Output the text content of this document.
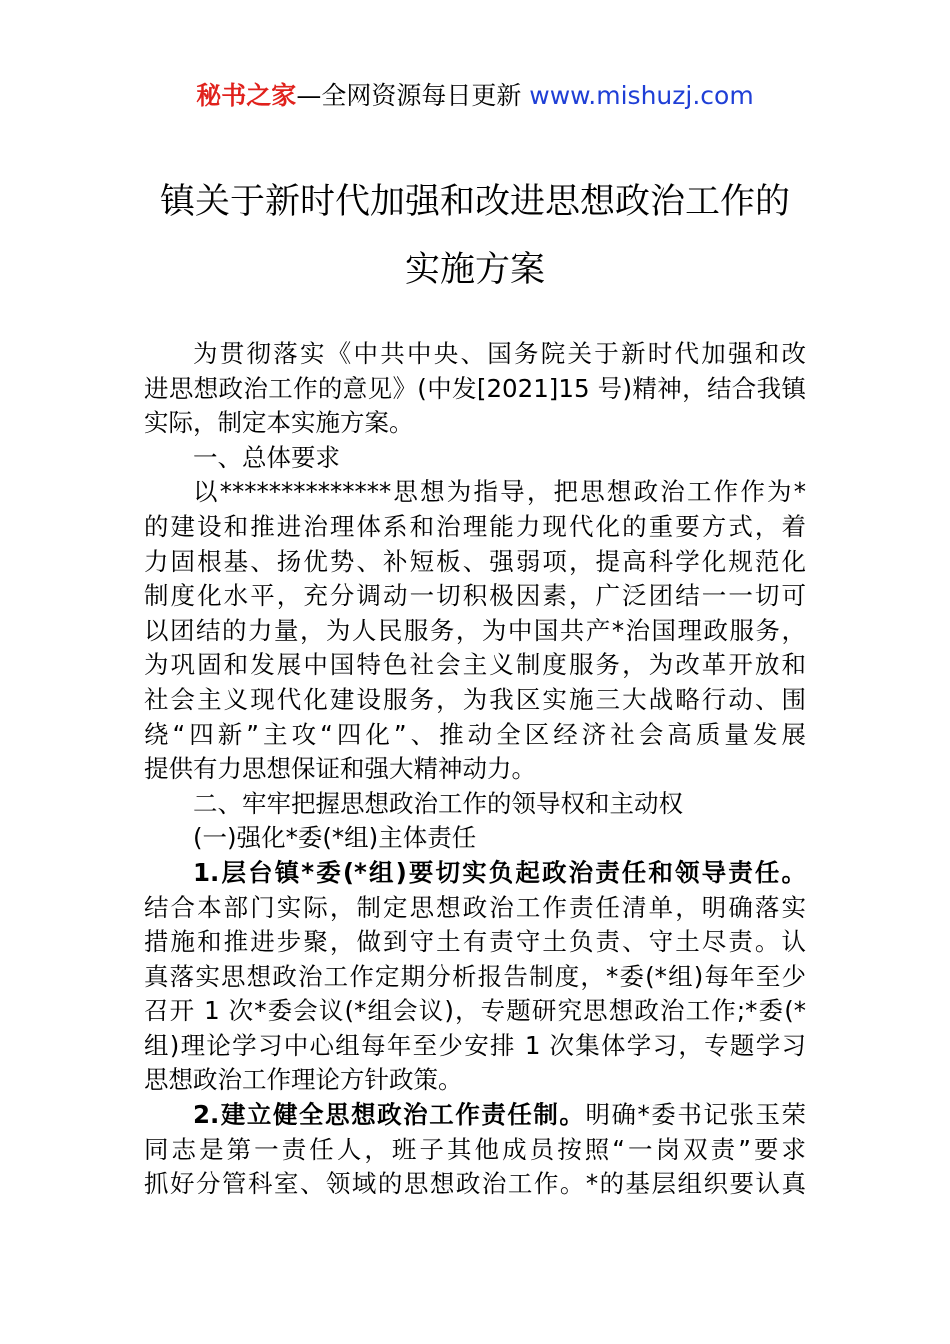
秘书之家—全网资源每日更新 www.mishuzj.com
镇关于新时代加强和改进思想政治工作的
实施方案
为贯彻落实《中共中央、国务院关于新时代加强和改
进思想政治工作的意见》(中发[2021]15 号)精神，结合我镇
实际，制定本实施方案。
一、总体要求
以**************思想为指导，把思想政治工作作为*
的建设和推进治理体系和治理能力现代化的重要方式，着
力固根基、扬优势、补短板、强弱项，提高科学化规范化
制度化水平，充分调动一切积极因素，广泛团结一一切可
以团结的力量，为人民服务，为中国共产*治国理政服务，
为巩固和发展中国特色社会主义制度服务，为改革开放和
社会主义现代化建设服务，为我区实施三大战略行动、围
绕“四新”主攻“四化”、推动全区经济社会高质量发展
提供有力思想保证和强大精神动力。
二、牢牢把握思想政治工作的领导权和主动权
(一)强化*委(*组)主体责任
1.层台镇*委(*组)要切实负起政治责任和领导责任。
结合本部门实际，制定思想政治工作责任清单，明确落实
措施和推进步聚，做到守土有责守土负责、守土尽责。认
真落实思想政治工作定期分析报告制度，*委(*组)每年至少
召开 1 次*委会议(*组会议)，专题研究思想政治工作;*委(*
组)理论学习中心组每年至少安排 1 次集体学习，专题学习
思想政治工作理论方针政策。
2.建立健全思想政治工作责任制。明确*委书记张玉荣
同志是第一责任人，班子其他成员按照“一岗双责”要求
抓好分管科室、领域的思想政治工作。*的基层组织要认真
